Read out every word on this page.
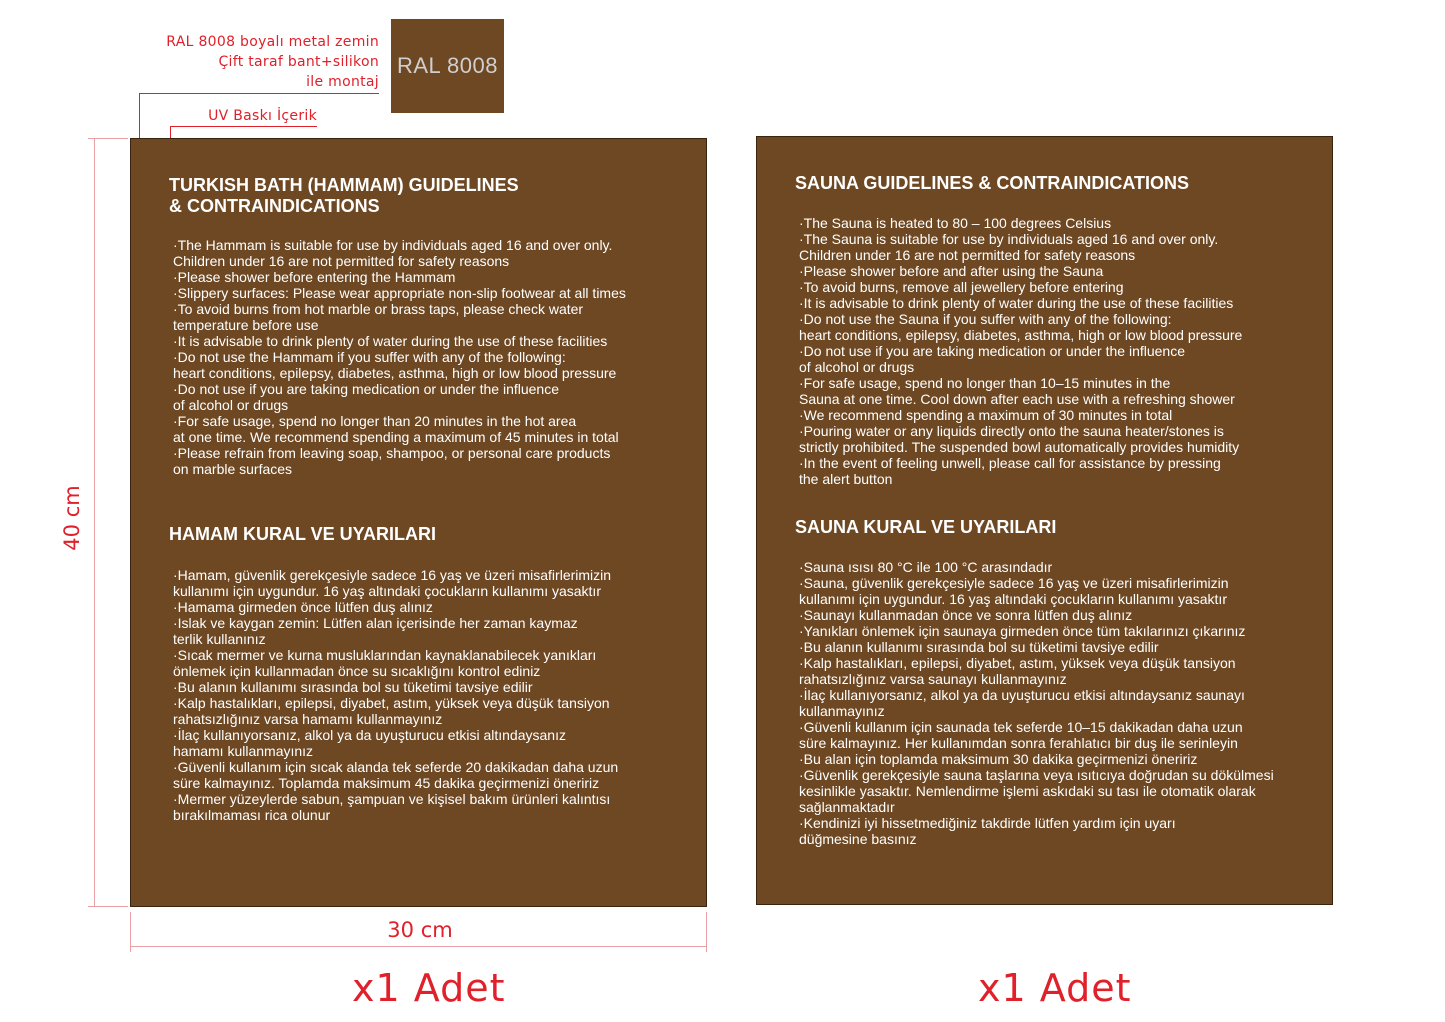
RAL 8008 boyalı metal zemin
Çift taraf bant+silikon
ile montaj
RAL 8008
UV Baskı İçerik
40 cm
30 cm
TURKISH BATH (HAMMAM) GUIDELINES
& CONTRAINDICATIONS
·The Hammam is suitable for use by individuals aged 16 and over only.
Children under 16 are not permitted for safety reasons
·Please shower before entering the Hammam
·Slippery surfaces: Please wear appropriate non-slip footwear at all times
·To avoid burns from hot marble or brass taps, please check water
temperature before use
·It is advisable to drink plenty of water during the use of these facilities
·Do not use the Hammam if you suffer with any of the following:
heart conditions, epilepsy, diabetes, asthma, high or low blood pressure
·Do not use if you are taking medication or under the influence
of alcohol or drugs
·For safe usage, spend no longer than 20 minutes in the hot area
at one time. We recommend spending a maximum of 45 minutes in total
·Please refrain from leaving soap, shampoo, or personal care products
on marble surfaces
HAMAM KURAL VE UYARILARI
·Hamam, güvenlik gerekçesiyle sadece 16 yaş ve üzeri misafirlerimizin
kullanımı için uygundur. 16 yaş altındaki çocukların kullanımı yasaktır
·Hamama girmeden önce lütfen duş alınız
·Islak ve kaygan zemin: Lütfen alan içerisinde her zaman kaymaz
terlik kullanınız
·Sıcak mermer ve kurna musluklarından kaynaklanabilecek yanıkları
önlemek için kullanmadan önce su sıcaklığını kontrol ediniz
·Bu alanın kullanımı sırasında bol su tüketimi tavsiye edilir
·Kalp hastalıkları, epilepsi, diyabet, astım, yüksek veya düşük tansiyon
rahatsızlığınız varsa hamamı kullanmayınız
·İlaç kullanıyorsanız, alkol ya da uyuşturucu etkisi altındaysanız
hamamı kullanmayınız
·Güvenli kullanım için sıcak alanda tek seferde 20 dakikadan daha uzun
süre kalmayınız. Toplamda maksimum 45 dakika geçirmenizi öneririz
·Mermer yüzeylerde sabun, şampuan ve kişisel bakım ürünleri kalıntısı
bırakılmaması rica olunur
SAUNA GUIDELINES & CONTRAINDICATIONS
·The Sauna is heated to 80 – 100 degrees Celsius
·The Sauna is suitable for use by individuals aged 16 and over only.
Children under 16 are not permitted for safety reasons
·Please shower before and after using the Sauna
·To avoid burns, remove all jewellery before entering
·It is advisable to drink plenty of water during the use of these facilities
·Do not use the Sauna if you suffer with any of the following:
heart conditions, epilepsy, diabetes, asthma, high or low blood pressure
·Do not use if you are taking medication or under the influence
of alcohol or drugs
·For safe usage, spend no longer than 10–15 minutes in the
Sauna at one time. Cool down after each use with a refreshing shower
·We recommend spending a maximum of 30 minutes in total
·Pouring water or any liquids directly onto the sauna heater/stones is
strictly prohibited. The suspended bowl automatically provides humidity
·In the event of feeling unwell, please call for assistance by pressing
the alert button
SAUNA KURAL VE UYARILARI
·Sauna ısısı 80 °C ile 100 °C arasındadır
·Sauna, güvenlik gerekçesiyle sadece 16 yaş ve üzeri misafirlerimizin
kullanımı için uygundur. 16 yaş altındaki çocukların kullanımı yasaktır
·Saunayı kullanmadan önce ve sonra lütfen duş alınız
·Yanıkları önlemek için saunaya girmeden önce tüm takılarınızı çıkarınız
·Bu alanın kullanımı sırasında bol su tüketimi tavsiye edilir
·Kalp hastalıkları, epilepsi, diyabet, astım, yüksek veya düşük tansiyon
rahatsızlığınız varsa saunayı kullanmayınız
·İlaç kullanıyorsanız, alkol ya da uyuşturucu etkisi altındaysanız saunayı
kullanmayınız
·Güvenli kullanım için saunada tek seferde 10–15 dakikadan daha uzun
süre kalmayınız. Her kullanımdan sonra ferahlatıcı bir duş ile serinleyin
·Bu alan için toplamda maksimum 30 dakika geçirmenizi öneririz
·Güvenlik gerekçesiyle sauna taşlarına veya ısıtıcıya doğrudan su dökülmesi
kesinlikle yasaktır. Nemlendirme işlemi askıdaki su tası ile otomatik olarak
sağlanmaktadır
·Kendinizi iyi hissetmediğiniz takdirde lütfen yardım için uyarı
düğmesine basınız
x1 Adet	x1 Adet
